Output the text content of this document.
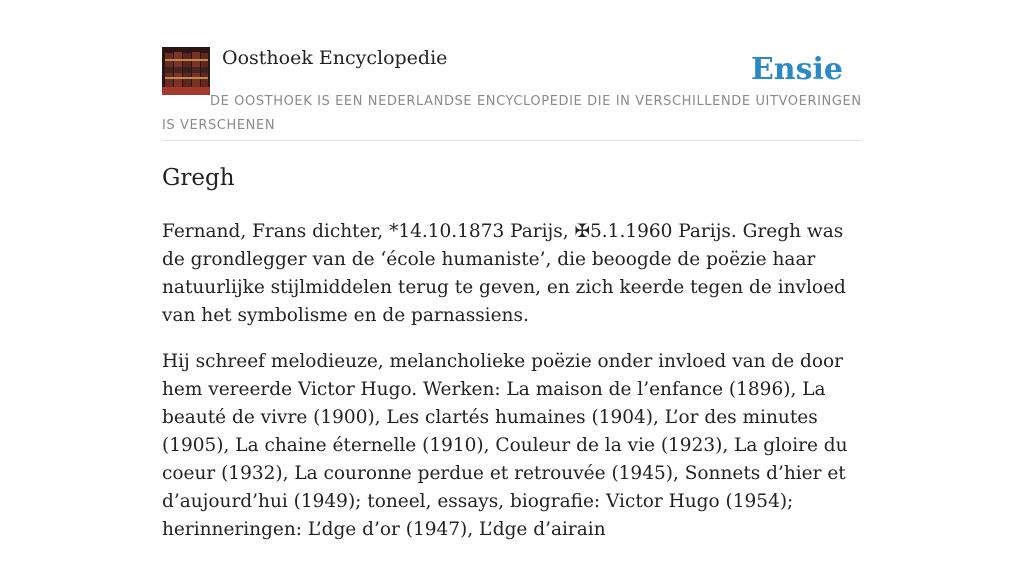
Oosthoek Encyclopedie	Ensie
DE OOSTHOEK IS EEN NEDERLANDSE ENCYCLOPEDIE DIE IN VERSCHILLENDE UITVOERINGEN IS VERSCHENEN
Gregh

Fernand, Frans dichter, *14.10.1873 Parijs, ✠5.1.1960 Parijs. Gregh was de grondlegger van de ‘école humaniste’, die beoogde de poëzie haar natuurlijke stijlmiddelen terug te geven, en zich keerde tegen de invloed van het symbolisme en de parnassiens.

Hij schreef melodieuze, melancholieke poëzie onder invloed van de door hem vereerde Victor Hugo. Werken: La maison de l’enfance (1896), La beauté de vivre (1900), Les clartés humaines (1904), L’or des minutes (1905), La chaine éternelle (1910), Couleur de la vie (1923), La gloire du coeur (1932), La couronne perdue et retrouvée (1945), Sonnets d’hier et d’aujourd’hui (1949); toneel, essays, biografie: Victor Hugo (1954); herinneringen: L’dge d’or (1947), L’dge d’airain
